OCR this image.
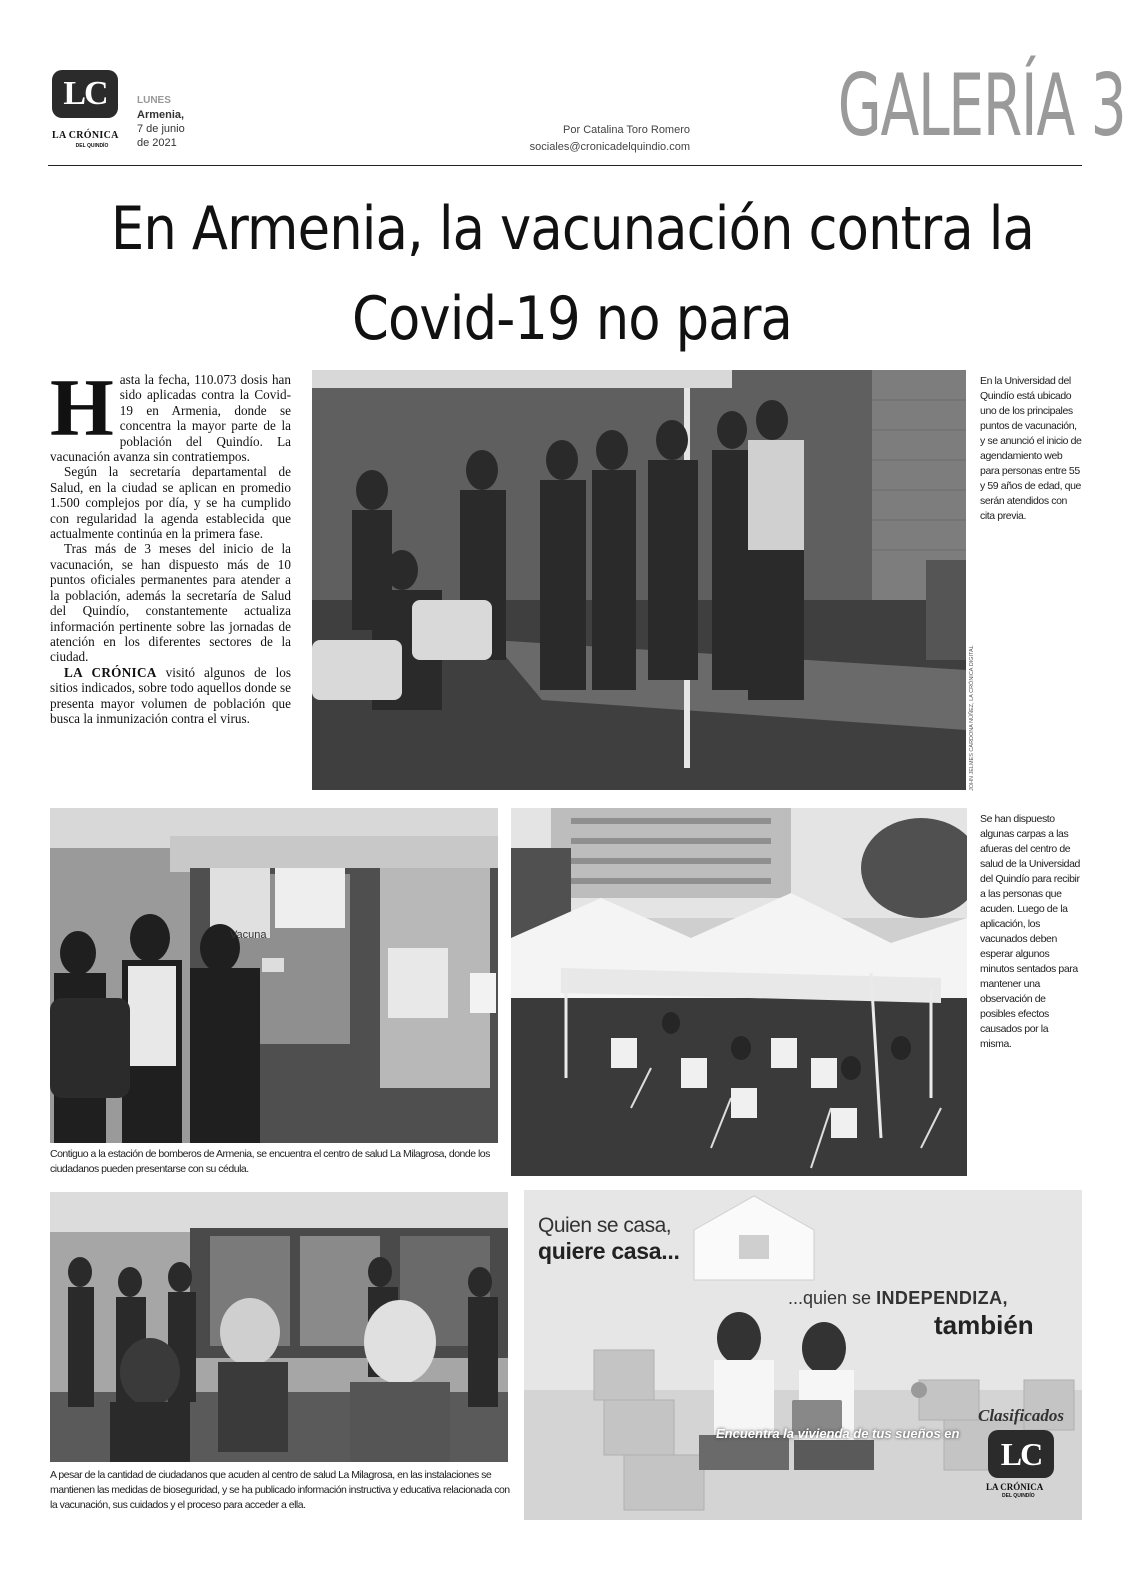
LC
LA CRÓNICA
DEL QUINDÍO
LUNES
Armenia,
7 de junio
de 2021
Por Catalina Toro Romero
sociales@cronicadelquindio.com GALERÍA 3
En Armenia, la vacunación contra la
Covid-19 no para

Hasta la fecha, 110.073 dosis han sido aplicadas contra la Covid-19 en Armenia, donde se concentra la mayor parte de la población del Quindío. La vacunación avanza sin contratiempos.

Según la secretaría departamental de Salud, en la ciudad se aplican en promedio 1.500 complejos por día, y se ha cumplido con regularidad la agenda establecida que actualmente continúa en la primera fase.

Tras más de 3 meses del inicio de la vacunación, se han dispuesto más de 10 puntos oficiales permanentes para atender a la población, además la secretaría de Salud del Quindío, constantemente actualiza información pertinente sobre las jornadas de atención en los diferentes sectores de la ciudad.

LA CRÓNICA visitó algunos de los sitios indicados, sobre todo aquellos donde se presenta mayor volumen de población que busca la inmunización contra el virus.

En la Universidad del Quindío está ubicado uno de los principales puntos de vacunación, y se anunció el inicio de agendamiento web para personas entre 55 y 59 años de edad, que serán atendidos con cita previa.
JOHN JELMES CARDONA NÚÑEZ, LA CRÓNICA DIGITAL
Vacuna
Contiguo a la estación de bomberos de Armenia, se encuentra el centro de salud La Milagrosa, donde los ciudadanos pueden presentarse con su cédula.
Se han dispuesto algunas carpas a las afueras del centro de salud de la Universidad del Quindío para recibir a las personas que acuden. Luego de la aplicación, los vacunados deben esperar algunos minutos sentados para mantener una observación de posibles efectos causados por la misma.
A pesar de la cantidad de ciudadanos que acuden al centro de salud La Milagrosa, en las instalaciones se mantienen las medidas de bioseguridad, y se ha publicado información instructiva y educativa relacionada con la vacunación, sus cuidados y el proceso para acceder a ella.
Quien se casa,
quiere casa...
...quien se INDEPENDIZA,
también
Clasificados
LC
LA CRÓNICA
DEL QUINDÍO
Encuentra la vivienda de tus sueños en
